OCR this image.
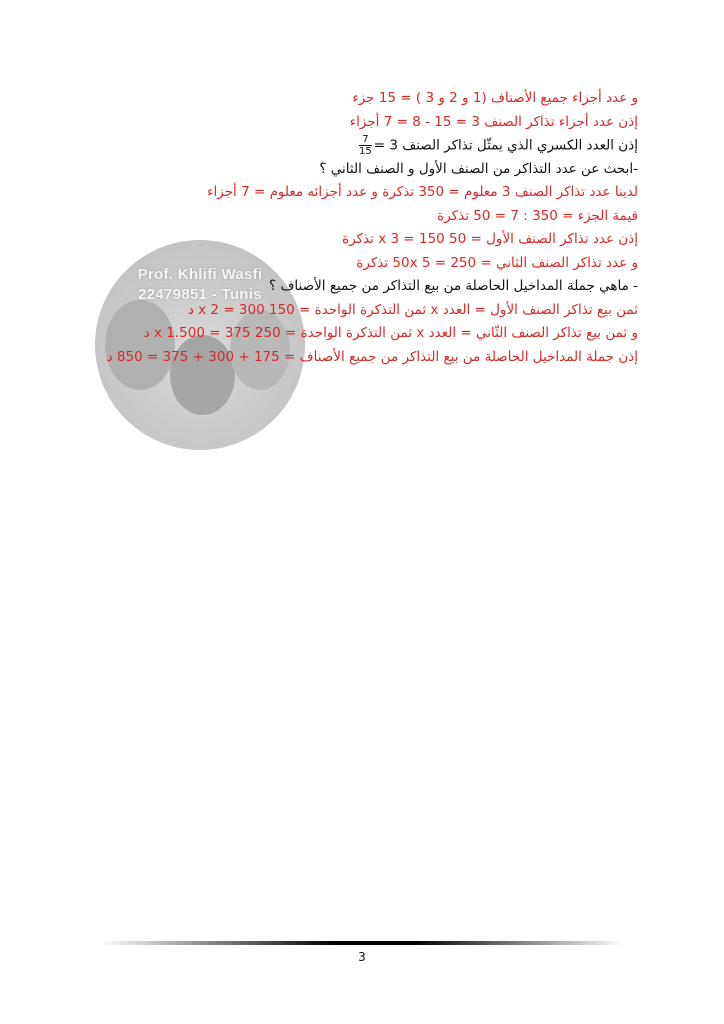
Prof. Khlifi Wasfi
22479851 - Tunis
و عدد أجزاء جميع الأصناف (1 و 2 و 3 ) = 15 جزء
إذن عدد أجزاء تذاكر الصنف 3 = 15 - 8 = 7 أجزاء
إذن العدد الكسري الذي يمثّل تذاكر الصنف 3 =
$\frac{7}{15}$
-ابحث عن عدد التذاكر من الصنف الأول و الصنف الثاني ؟
لدينا عدد تذاكر الصنف 3 معلوم = 350 تذكرة و عدد أجزائه معلوم = 7 أجزاء
قيمة الجزء = 350 : 7 = 50 تذكرة
إذن عدد تذاكر الصنف الأول = 50 x 3 = 150 تذكرة
و عدد تذاكر الصنف الثاني = 50x 5 = 250 تذكرة
- ماهي جملة المداخيل الحاصلة من بيع التذاكر من جميع الأصناف ؟
ثمن بيع تذاكر الصنف الأول = العدد x ثمن التذكرة الواحدة = 150 x 2 = 300 د
و ثمن بيع تذاكر الصنف الثّاني = العدد x ثمن التذكرة الواحدة = 250 x 1.500 = 375 د
إذن جملة المداخيل الحاصلة من بيع التذاكر من جميع الأصناف = 175 + 300 + 375 = 850 د
3
